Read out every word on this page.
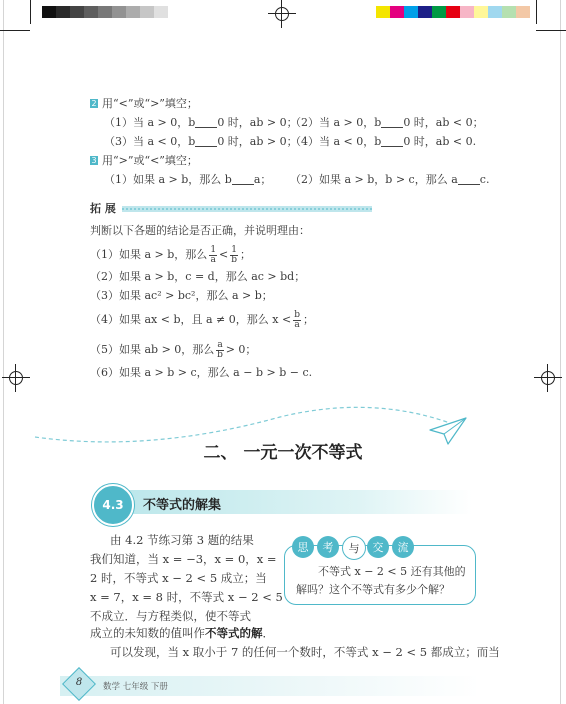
2 用“<”或“>”填空；
（1）当 a > 0，b 0 时，ab > 0；
（2）当 a > 0，b 0 时，ab < 0；
（3）当 a < 0，b 0 时，ab > 0；
（4）当 a < 0，b 0 时，ab < 0.
3 用“>”或“<”填空；
（1）如果 a > b，那么 b a； （2）如果 a > b，b > c，那么 a c.
拓 展
判断以下各题的结论是否正确，并说明理由：
（1）如果 a > b，那么 $\frac{1}{a} < \frac{1}{b}$ ；
（2）如果 a > b，c = d，那么 ac > bd；
（3）如果 ac² > bc²，那么 a > b；
（4）如果 ax < b，且 a ≠ 0，那么 $x < \frac{b}{a}$ ；
（5）如果 ab > 0，那么 $\frac{a}{b} > 0$；
（6）如果 a > b > c，那么 a − b > b − c.
二、 一元一次不等式
4.3	不等式的解集
由 4.2 节练习第 3 题的结果
我们知道，当 x = −3，x = 0，x =
2 时，不等式 x − 2 < 5 成立；当
x = 7，x = 8 时，不等式 x − 2 < 5
不成立．与方程类似，使不等式
成立的未知数的值叫作不等式的解．
可以发现，当 x 取小于 7 的任何一个数时，不等式 x − 2 < 5 都成立；而当
思	考	与	交	流
不等式 x − 2 < 5 还有其他的
解吗？这个不等式有多少个解？
8	数学 七年级 下册
